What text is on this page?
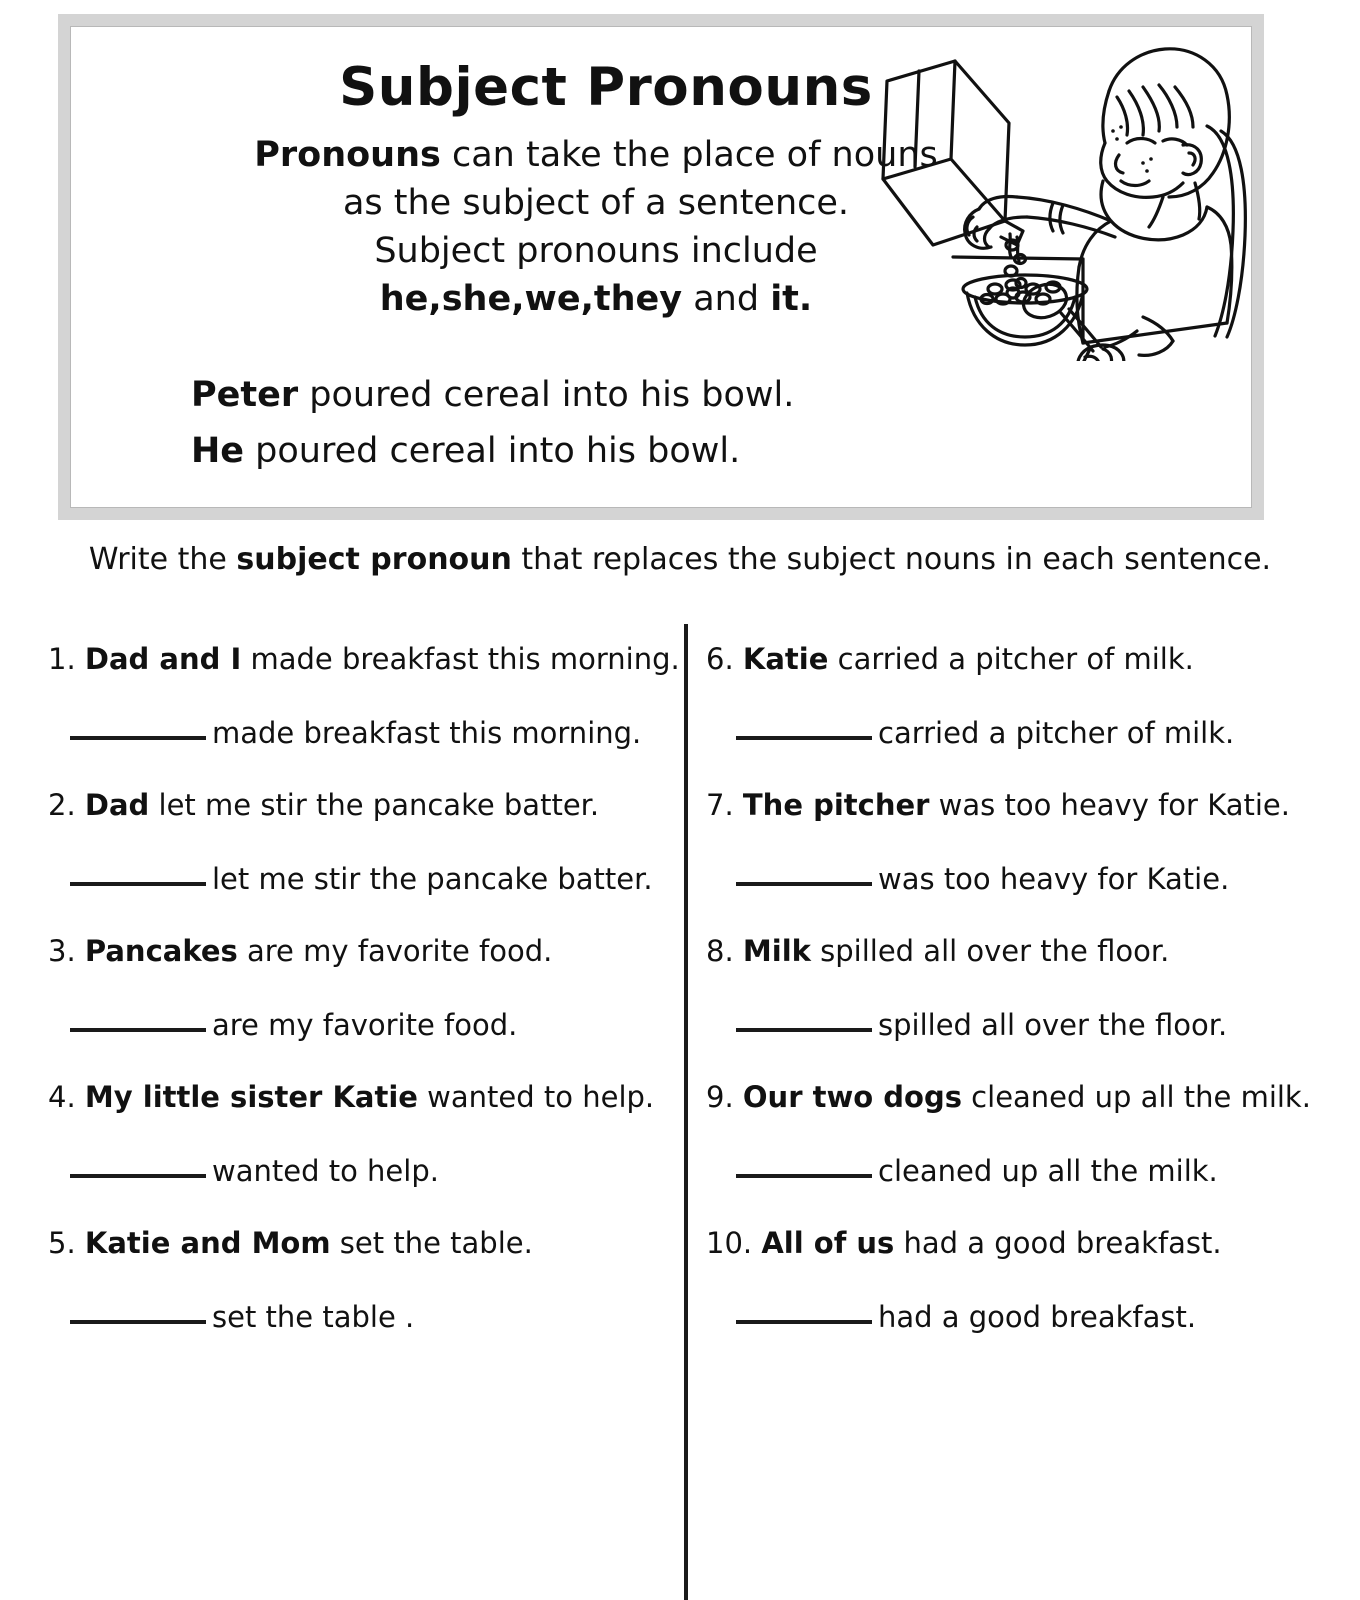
Subject Pronouns
Pronouns can take the place of nouns
as the subject of a sentence.
Subject pronouns include
he,she,we,they and it.
Peter poured cereal into his bowl.
He poured cereal into his bowl.
Write the subject pronoun that replaces the subject nouns in each sentence.
1. Dad and I made breakfast this morning.
made breakfast this morning.
2. Dad let me stir the pancake batter.
let me stir the pancake batter.
3. Pancakes are my favorite food.
are my favorite food.
4. My little sister Katie wanted to help.
wanted to help.
5. Katie and Mom set the table.
set the table .
6. Katie carried a pitcher of milk.
carried a pitcher of milk.
7. The pitcher was too heavy for Katie.
was too heavy for Katie.
8. Milk spilled all over the floor.
spilled all over the floor.
9. Our two dogs cleaned up all the milk.
cleaned up all the milk.
10. All of us had a good breakfast.
had a good breakfast.
